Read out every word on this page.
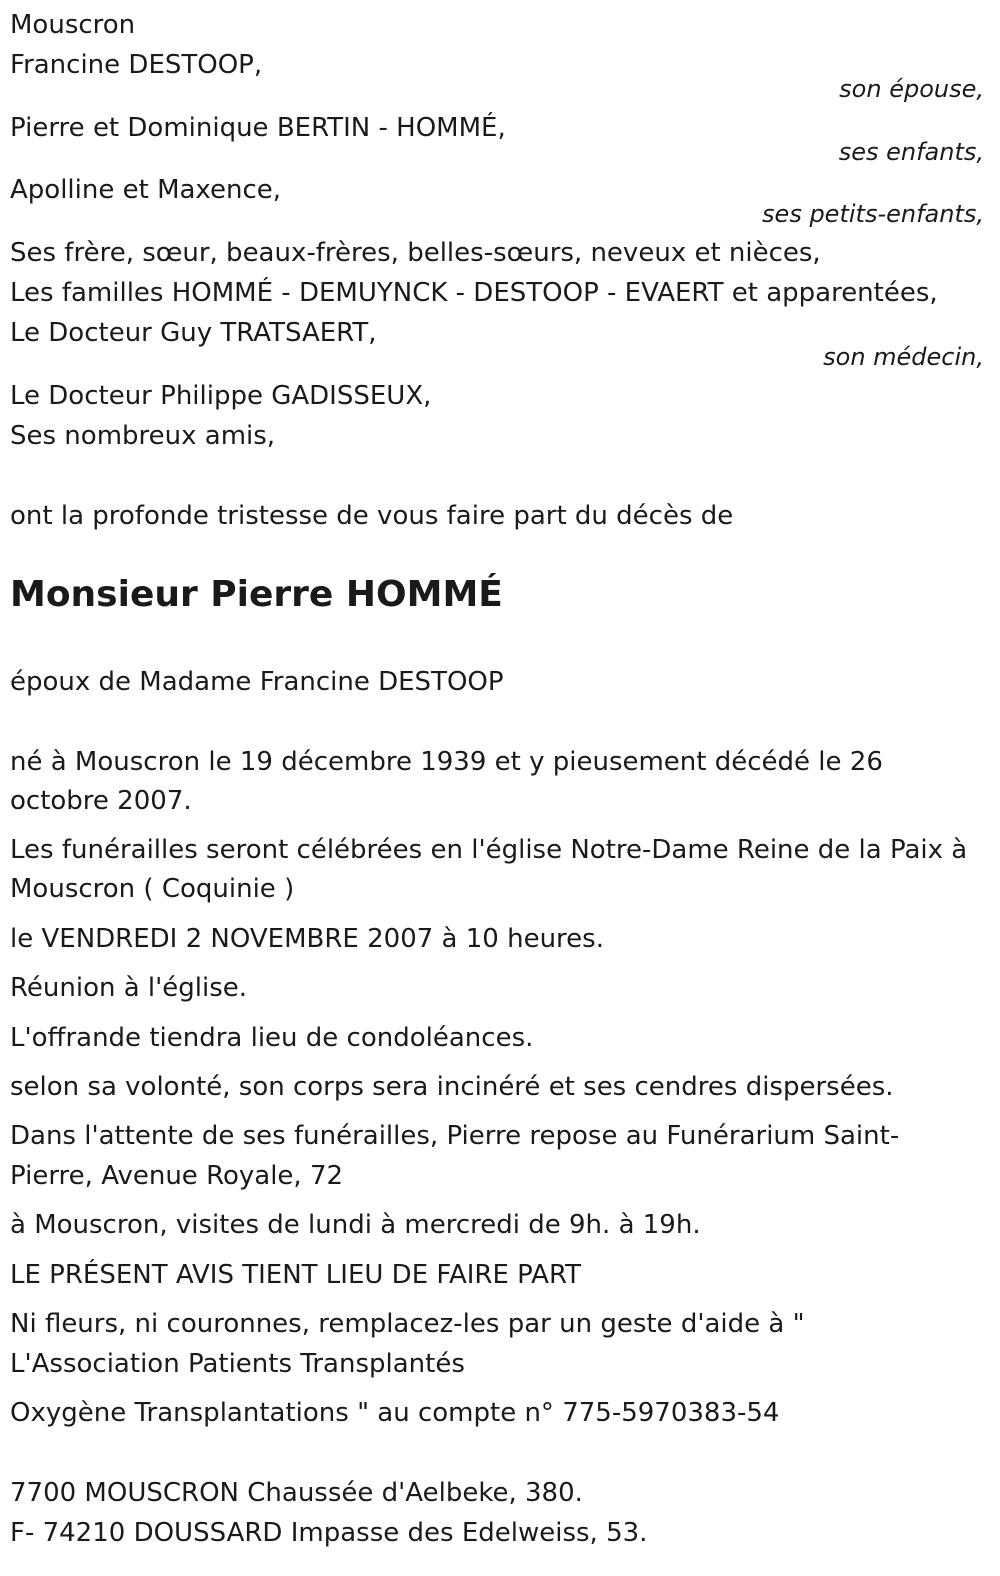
Mouscron
Francine DESTOOP,
son épouse,
Pierre et Dominique BERTIN - HOMMÉ,
ses enfants,
Apolline et Maxence,
ses petits-enfants,
Ses frère, sœur, beaux-frères, belles-sœurs, neveux et nièces,
Les familles HOMMÉ - DEMUYNCK - DESTOOP - EVAERT et apparentées,
Le Docteur Guy TRATSAERT,
son médecin,
Le Docteur Philippe GADISSEUX,
Ses nombreux amis,
ont la profonde tristesse de vous faire part du décès de
Monsieur Pierre HOMMÉ
époux de Madame Francine DESTOOP
né à Mouscron le 19 décembre 1939 et y pieusement décédé le 26
octobre 2007.
Les funérailles seront célébrées en l'église Notre-Dame Reine de la Paix à
Mouscron ( Coquinie )
le VENDREDI 2 NOVEMBRE 2007 à 10 heures.
Réunion à l'église.
L'offrande tiendra lieu de condoléances.
selon sa volonté, son corps sera incinéré et ses cendres dispersées.
Dans l'attente de ses funérailles, Pierre repose au Funérarium Saint-
Pierre, Avenue Royale, 72
à Mouscron, visites de lundi à mercredi de 9h. à 19h.
LE PRÉSENT AVIS TIENT LIEU DE FAIRE PART
Ni fleurs, ni couronnes, remplacez-les par un geste d'aide à "
L'Association Patients Transplantés
Oxygène Transplantations " au compte n° 775-5970383-54
7700 MOUSCRON Chaussée d'Aelbeke, 380.
F- 74210 DOUSSARD Impasse des Edelweiss, 53.
